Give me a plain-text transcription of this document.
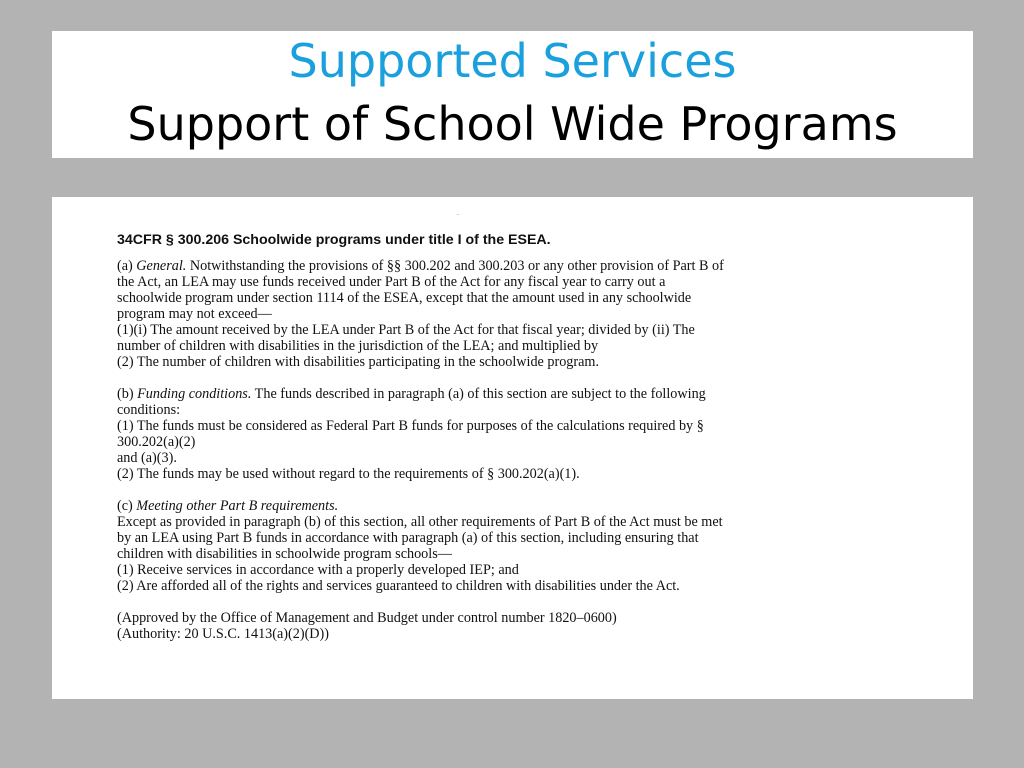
Supported Services
Support of School Wide Programs
34CFR § 300.206 Schoolwide programs under title I of the ESEA.
(a) General. Notwithstanding the provisions of §§ 300.202 and 300.203 or any other provision of Part B of
the Act, an LEA may use funds received under Part B of the Act for any fiscal year to carry out a
schoolwide program under section 1114 of the ESEA, except that the amount used in any schoolwide
program may not exceed—
(1)(i) The amount received by the LEA under Part B of the Act for that fiscal year; divided by (ii) The
number of children with disabilities in the jurisdiction of the LEA; and multiplied by
(2) The number of children with disabilities participating in the schoolwide program.
(b) Funding conditions. The funds described in paragraph (a) of this section are subject to the following
conditions:
(1) The funds must be considered as Federal Part B funds for purposes of the calculations required by §
300.202(a)(2)
and (a)(3).
(2) The funds may be used without regard to the requirements of § 300.202(a)(1).
(c) Meeting other Part B requirements.
Except as provided in paragraph (b) of this section, all other requirements of Part B of the Act must be met
by an LEA using Part B funds in accordance with paragraph (a) of this section, including ensuring that
children with disabilities in schoolwide program schools—
(1) Receive services in accordance with a properly developed IEP; and
(2) Are afforded all of the rights and services guaranteed to children with disabilities under the Act.
(Approved by the Office of Management and Budget under control number 1820–0600)
(Authority: 20 U.S.C. 1413(a)(2)(D))
